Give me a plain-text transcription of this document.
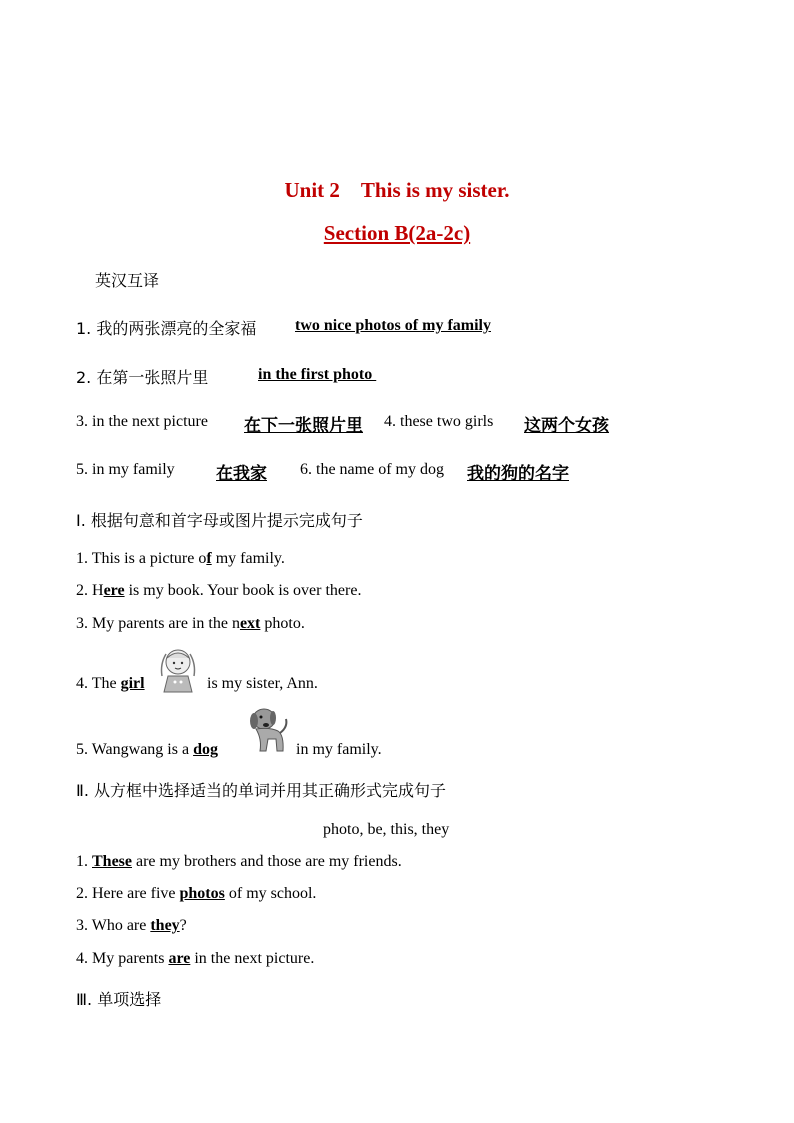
Unit 2 This is my sister.
Section B(2a-2c)
英汉互译
1. 我的两张漂亮的全家福 two nice photos of my family
2. 在第一张照片里	in the first photo
3. in the next picture 在下一张照片里 4. these two girls 这两个女孩
5. in my family 在我家 6. the name of my dog 我的狗的名字
Ⅰ. 根据句意和首字母或图片提示完成句子
1. This is a picture of my family.
2. Here is my book. Your book is over there.
3. My parents are in the next photo.
4. The girl	is my sister, Ann.
5. Wangwang is a dog	in my family.
Ⅱ. 从方框中选择适当的单词并用其正确形式完成句子
photo, be, this, they
1. These are my brothers and those are my friends.
2. Here are five photos of my school.
3. Who are they?
4. My parents are in the next picture.
Ⅲ. 单项选择
